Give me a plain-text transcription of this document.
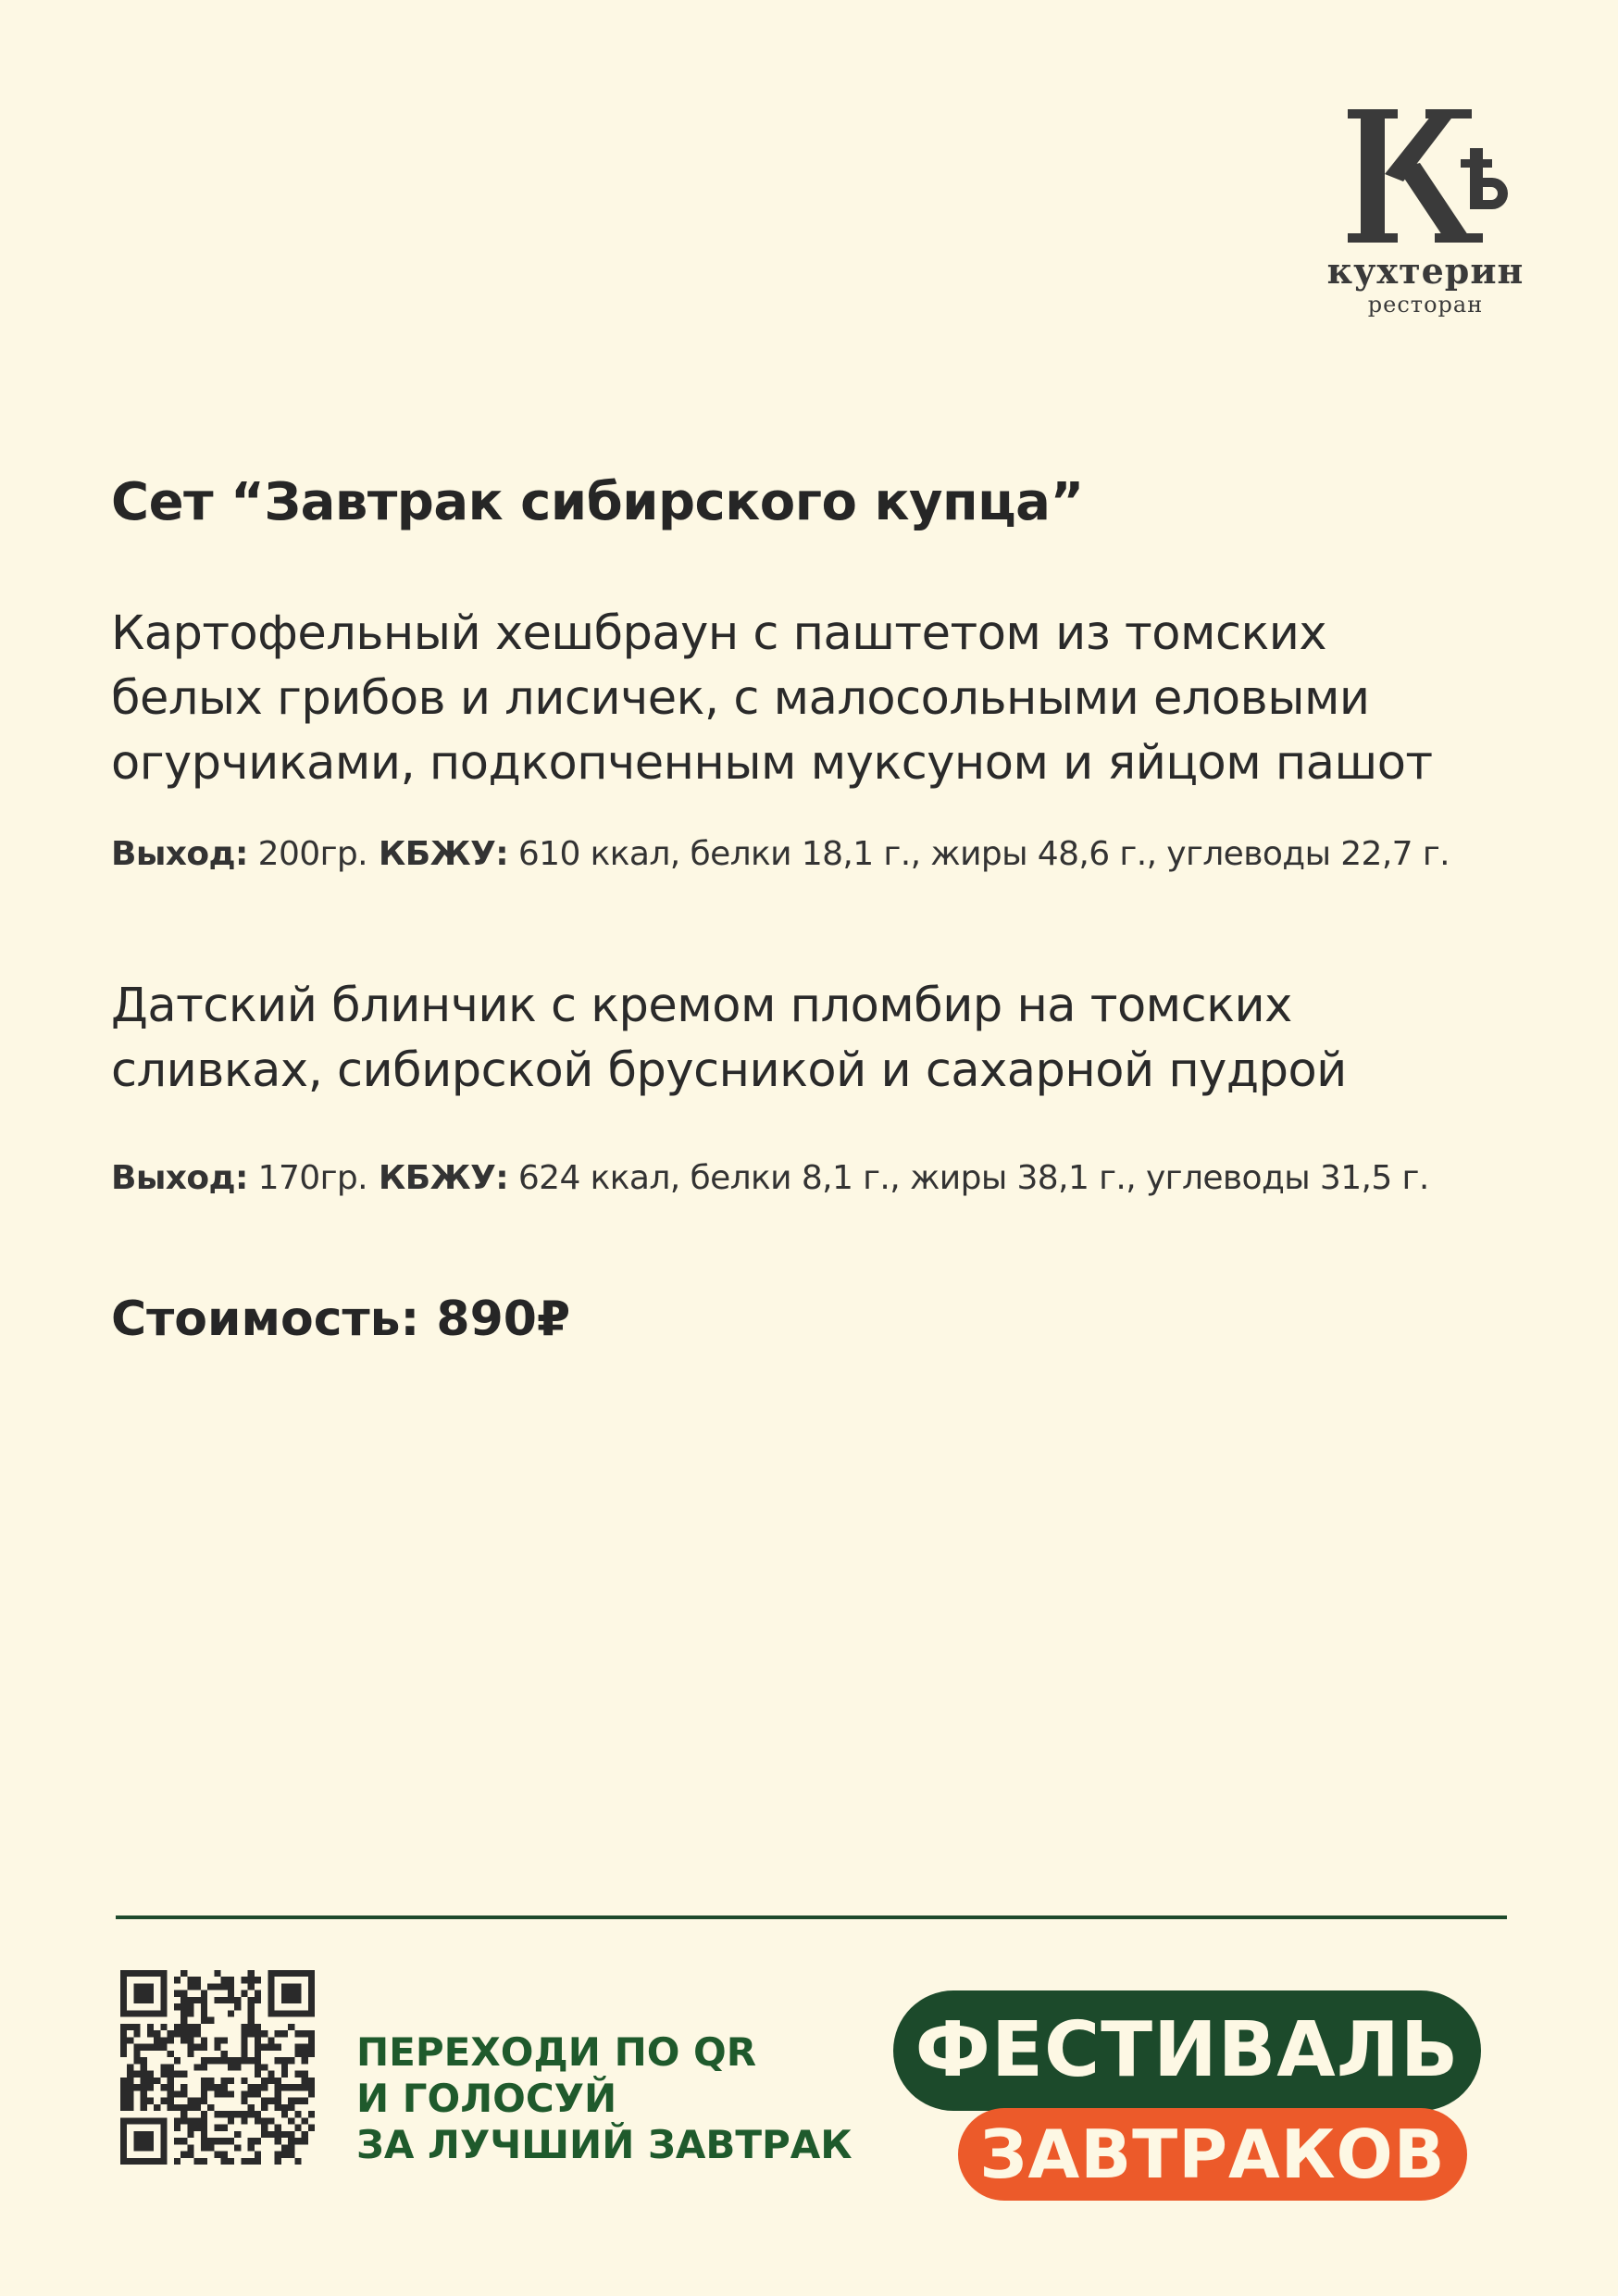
кухтерин
ресторан
Сет “Завтрак сибирского купца”
Картофельный хешбраун с паштетом из томских
белых грибов и лисичек, с малосольными еловыми
огурчиками, подкопченным муксуном и яйцом пашот
Выход: 200гр. КБЖУ: 610 ккал, белки 18,1 г., жиры 48,6 г., углеводы 22,7 г.
Датский блинчик с кремом пломбир на томских
сливках, сибирской брусникой и сахарной пудрой
Выход: 170гр. КБЖУ: 624 ккал, белки 8,1 г., жиры 38,1 г., углеводы 31,5 г.
Стоимость: 890₽
ПЕРЕХОДИ ПО QR
И ГОЛОСУЙ
ЗА ЛУЧШИЙ ЗАВТРАК
ФЕСТИВАЛЬ
ЗАВТРАКОВ
